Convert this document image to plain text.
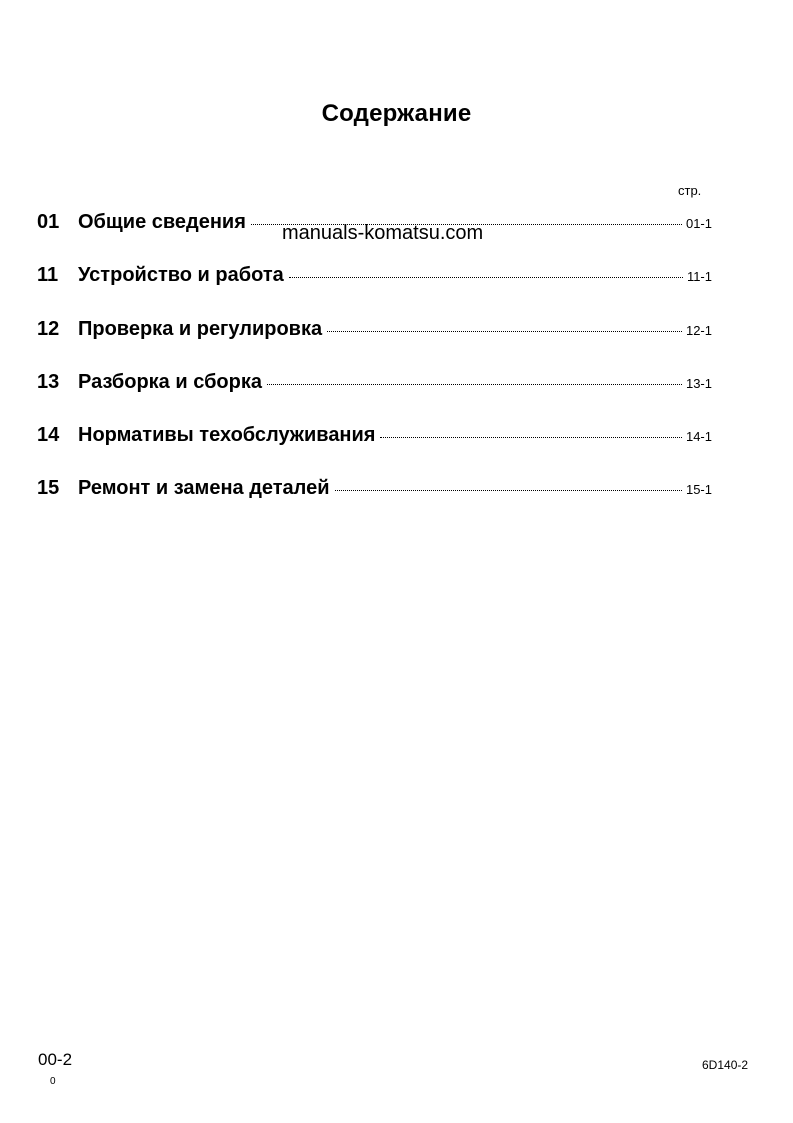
Содержание
стр.
01 Общие сведения	01-1
11 Устройство и работа	11-1
12 Проверка и регулировка	12-1
13 Разборка и сборка	13-1
14 Нормативы техобслуживания	14-1
15 Ремонт и замена деталей	15-1
manuals-komatsu.com
00-2
0
6D140-2
